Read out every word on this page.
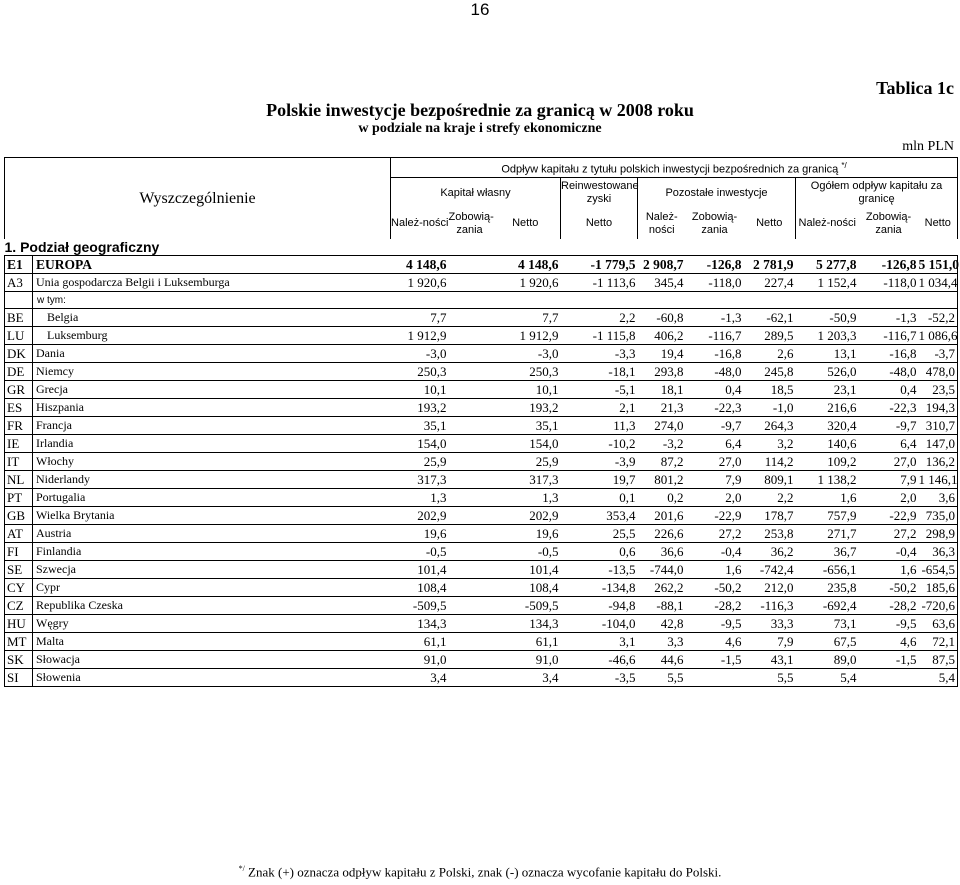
16
Tablica 1c
Polskie inwestycje bezpośrednie za granicą w 2008 roku
w podziale na kraje i strefy ekonomiczne
mln PLN
Wyszczególnienie		Odpływ kapitału z tytułu polskich inwestycji bezpośrednich za granicą */
		Kapitał własny			Reinwestowane zyski	Pozostałe inwestycje			Ogółem odpływ kapitału za granicę		
		Należ-ności	Zobowią-zania	Netto	Netto	Należ-ności	Zobowią-zania	Netto	Należ-ności	Zobowią-zania	Netto
1. Podział geograficzny											
E1	EUROPA	4 148,6		4 148,6	-1 779,5	2 908,7	-126,8	2 781,9	5 277,8	-126,8	5 151,0
A3	Unia gospodarcza Belgii i Luksemburga	1 920,6		1 920,6	-1 113,6	345,4	-118,0	227,4	1 152,4	-118,0	1 034,4
	w tym:										
BE	Belgia	7,7		7,7	2,2	-60,8	-1,3	-62,1	-50,9	-1,3	-52,2
LU	Luksemburg	1 912,9		1 912,9	-1 115,8	406,2	-116,7	289,5	1 203,3	-116,7	1 086,6
DK	Dania	-3,0		-3,0	-3,3	19,4	-16,8	2,6	13,1	-16,8	-3,7
DE	Niemcy	250,3		250,3	-18,1	293,8	-48,0	245,8	526,0	-48,0	478,0
GR	Grecja	10,1		10,1	-5,1	18,1	0,4	18,5	23,1	0,4	23,5
ES	Hiszpania	193,2		193,2	2,1	21,3	-22,3	-1,0	216,6	-22,3	194,3
FR	Francja	35,1		35,1	11,3	274,0	-9,7	264,3	320,4	-9,7	310,7
IE	Irlandia	154,0		154,0	-10,2	-3,2	6,4	3,2	140,6	6,4	147,0
IT	Włochy	25,9		25,9	-3,9	87,2	27,0	114,2	109,2	27,0	136,2
NL	Niderlandy	317,3		317,3	19,7	801,2	7,9	809,1	1 138,2	7,9	1 146,1
PT	Portugalia	1,3		1,3	0,1	0,2	2,0	2,2	1,6	2,0	3,6
GB	Wielka Brytania	202,9		202,9	353,4	201,6	-22,9	178,7	757,9	-22,9	735,0
AT	Austria	19,6		19,6	25,5	226,6	27,2	253,8	271,7	27,2	298,9
FI	Finlandia	-0,5		-0,5	0,6	36,6	-0,4	36,2	36,7	-0,4	36,3
SE	Szwecja	101,4		101,4	-13,5	-744,0	1,6	-742,4	-656,1	1,6	-654,5
CY	Cypr	108,4		108,4	-134,8	262,2	-50,2	212,0	235,8	-50,2	185,6
CZ	Republika Czeska	-509,5		-509,5	-94,8	-88,1	-28,2	-116,3	-692,4	-28,2	-720,6
HU	Węgry	134,3		134,3	-104,0	42,8	-9,5	33,3	73,1	-9,5	63,6
MT	Malta	61,1		61,1	3,1	3,3	4,6	7,9	67,5	4,6	72,1
SK	Słowacja	91,0		91,0	-46,6	44,6	-1,5	43,1	89,0	-1,5	87,5
SI	Słowenia	3,4		3,4	-3,5	5,5		5,5	5,4		5,4
*/ Znak (+) oznacza odpływ kapitału z Polski, znak (-) oznacza wycofanie kapitału do Polski.
